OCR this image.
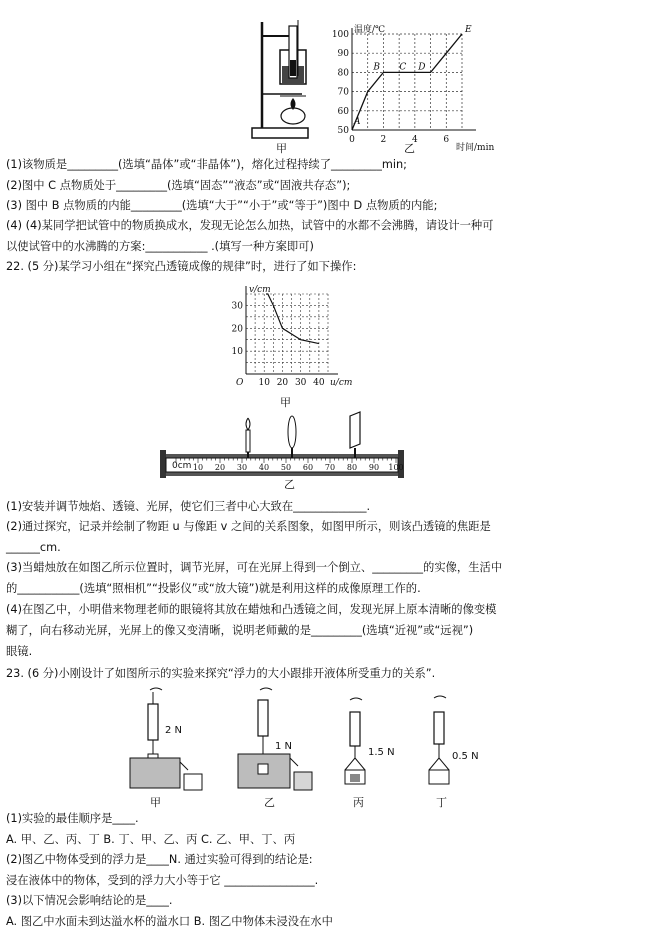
甲
温度/℃
时间/min
100
90
80
70
60
50
0	2	4	6
A
B C D
E
乙
(1)该物质是_________(选填“晶体”或“非晶体”)，熔化过程持续了_________min;
(2)图中 C 点物质处于_________(选填“固态”“液态”或“固液共存态”);
(3) 图中 B 点物质的内能_________(选填“大于”“小于”或“等于”)图中 D 点物质的内能;
(4) (4)某同学把试管中的物质换成水，发现无论怎么加热，试管中的水都不会沸腾，请设计一种可
以使试管中的水沸腾的方案:___________ .(填写一种方案即可)
22. (5 分)某学习小组在“探究凸透镜成像的规律”时，进行了如下操作:
v/cm
u/cm
O 10 20 30 40
30
20
10
甲
10 20 30 40 50 60 70 80 90 100
0cm
乙
(1)安装并调节烛焰、透镜、光屏，使它们三者中心大致在_____________.
(2)通过探究，记录并绘制了物距 u 与像距 v 之间的关系图象，如图甲所示，则该凸透镜的焦距是
______cm.
(3)当蜡烛放在如图乙所示位置时，调节光屏，可在光屏上得到一个倒立、_________的实像，生活中
的___________(选填“照相机”“投影仪”或“放大镜”)就是利用这样的成像原理工作的.
(4)在图乙中，小明借来物理老师的眼镜将其放在蜡烛和凸透镜之间，发现光屏上原本清晰的像变模
糊了，向右移动光屏，光屏上的像又变清晰，说明老师戴的是_________(选填“近视”或“远视”)
眼镜.
23. (6 分)小刚设计了如图所示的实验来探究“浮力的大小跟排开液体所受重力的关系”.
2 N
1 N
1.5 N	0.5 N
甲	乙	丙	丁
(1)实验的最佳顺序是____.
A. 甲、乙、丙、丁 B. 丁、甲、乙、丙 C. 乙、甲、丁、丙
(2)图乙中物体受到的浮力是____N. 通过实验可得到的结论是:
浸在液体中的物体，受到的浮力大小等于它 ________________.
(3)以下情况会影响结论的是____.
A. 图乙中水面未到达溢水杯的溢水口 B. 图乙中物体未浸没在水中
